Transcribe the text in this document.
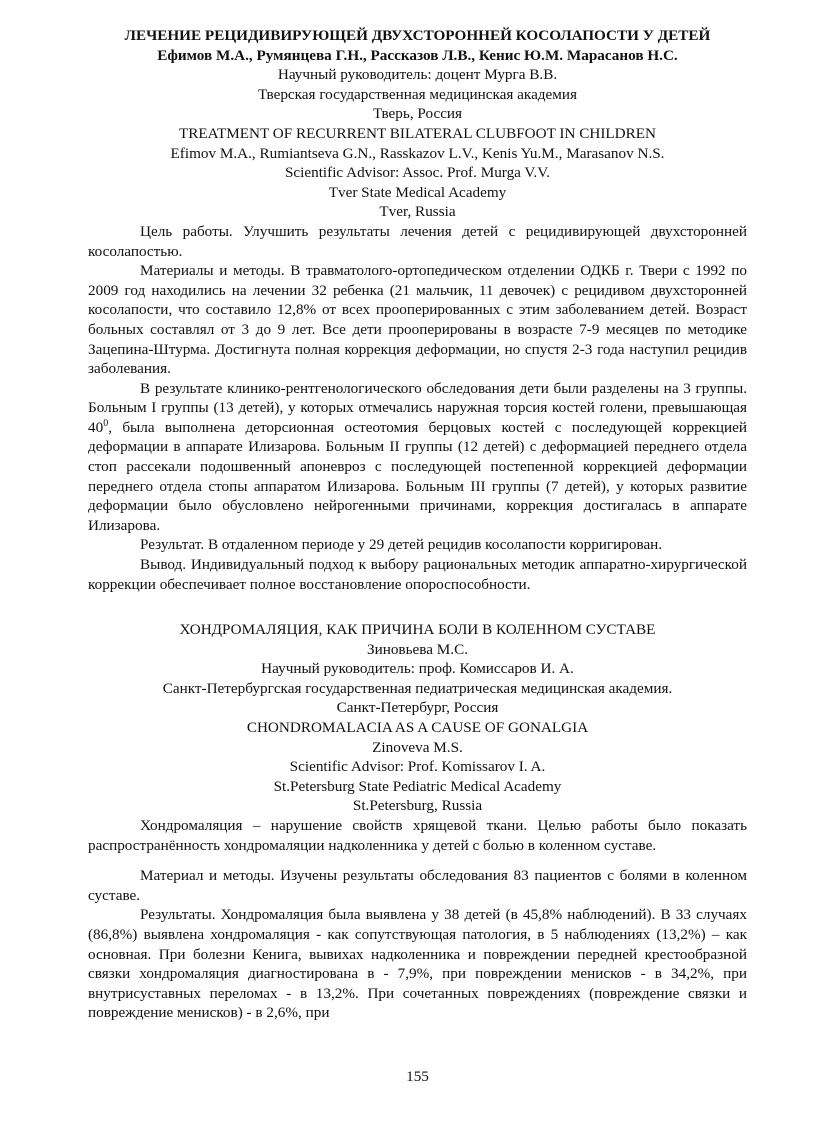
ЛЕЧЕНИЕ РЕЦИДИВИРУЮЩЕЙ ДВУХСТОРОННЕЙ КОСОЛАПОСТИ У ДЕТЕЙ
Ефимов М.А., Румянцева Г.Н., Рассказов Л.В., Кенис Ю.М. Марасанов Н.С.
Научный руководитель: доцент Мурга В.В.
Тверская государственная медицинская академия
Тверь, Россия
TREATMENT OF RECURRENT BILATERAL CLUBFOOT IN CHILDREN
Efimov M.A., Rumiantseva G.N., Rasskazov L.V., Kenis Yu.M., Marasanov N.S.
Scientific Advisor: Assoc. Prof. Murga V.V.
Tver State Medical Academy
Tver, Russia

Цель работы. Улучшить результаты лечения детей с рецидивирующей двухсторонней косолапостью.

Материалы и методы. В травматолого-ортопедическом отделении ОДКБ г. Твери с 1992 по 2009 год находились на лечении 32 ребенка (21 мальчик, 11 девочек) с рецидивом двухсторонней косолапости, что составило 12,8% от всех прооперированных с этим заболеванием детей. Возраст больных составлял от 3 до 9 лет. Все дети прооперированы в возрасте 7-9 месяцев по методике Зацепина-Штурма. Достигнута полная коррекция деформации, но спустя 2-3 года наступил рецидив заболевания.

В результате клинико-рентгенологического обследования дети были разделены на 3 группы. Больным I группы (13 детей), у которых отмечались наружная торсия костей голени, превышающая $40^0$, была выполнена деторсионная остеотомия берцовых костей с последующей коррекцией деформации в аппарате Илизарова. Больным II группы (12 детей) с деформацией переднего отдела стоп рассекали подошвенный апоневроз с последующей постепенной коррекцией деформации переднего отдела стопы аппаратом Илизарова. Больным III группы (7 детей), у которых развитие деформации было обусловлено нейрогенными причинами, коррекция достигалась в аппарате Илизарова.

Результат. В отдаленном периоде у 29 детей рецидив косолапости корригирован.

Вывод. Индивидуальный подход к выбору рациональных методик аппаратно-хирургической коррекции обеспечивает полное восстановление опороспособности.

ХОНДРОМАЛЯЦИЯ, КАК ПРИЧИНА БОЛИ В КОЛЕННОМ СУСТАВЕ
Зиновьева М.С.
Научный руководитель: проф. Комиссаров И. А.
Санкт-Петербургская государственная педиатрическая медицинская академия.
Санкт-Петербург, Россия
CHONDROMALACIA AS A CAUSE OF GONALGIA
Zinoveva M.S.
Scientific Advisor: Prof. Komissarov I. A.
St.Petersburg State Pediatric Medical Academy
St.Petersburg, Russia

Хондромаляция – нарушение свойств хрящевой ткани. Целью работы было показать распространённость хондромаляции надколенника у детей с болью в коленном суставе.

Материал и методы. Изучены результаты обследования 83 пациентов с болями в коленном суставе.

Результаты. Хондромаляция была выявлена у 38 детей (в 45,8% наблюдений). В 33 случаях (86,8%) выявлена хондромаляция - как сопутствующая патология, в 5 наблюдениях (13,2%) – как основная. При болезни Кенига, вывихах надколенника и повреждении передней крестообразной связки хондромаляция диагностирована в - 7,9%, при повреждении менисков - в 34,2%, при внутрисуставных переломах - в 13,2%. При сочетанных повреждениях (повреждение связки и повреждение менисков) - в 2,6%, при

155
